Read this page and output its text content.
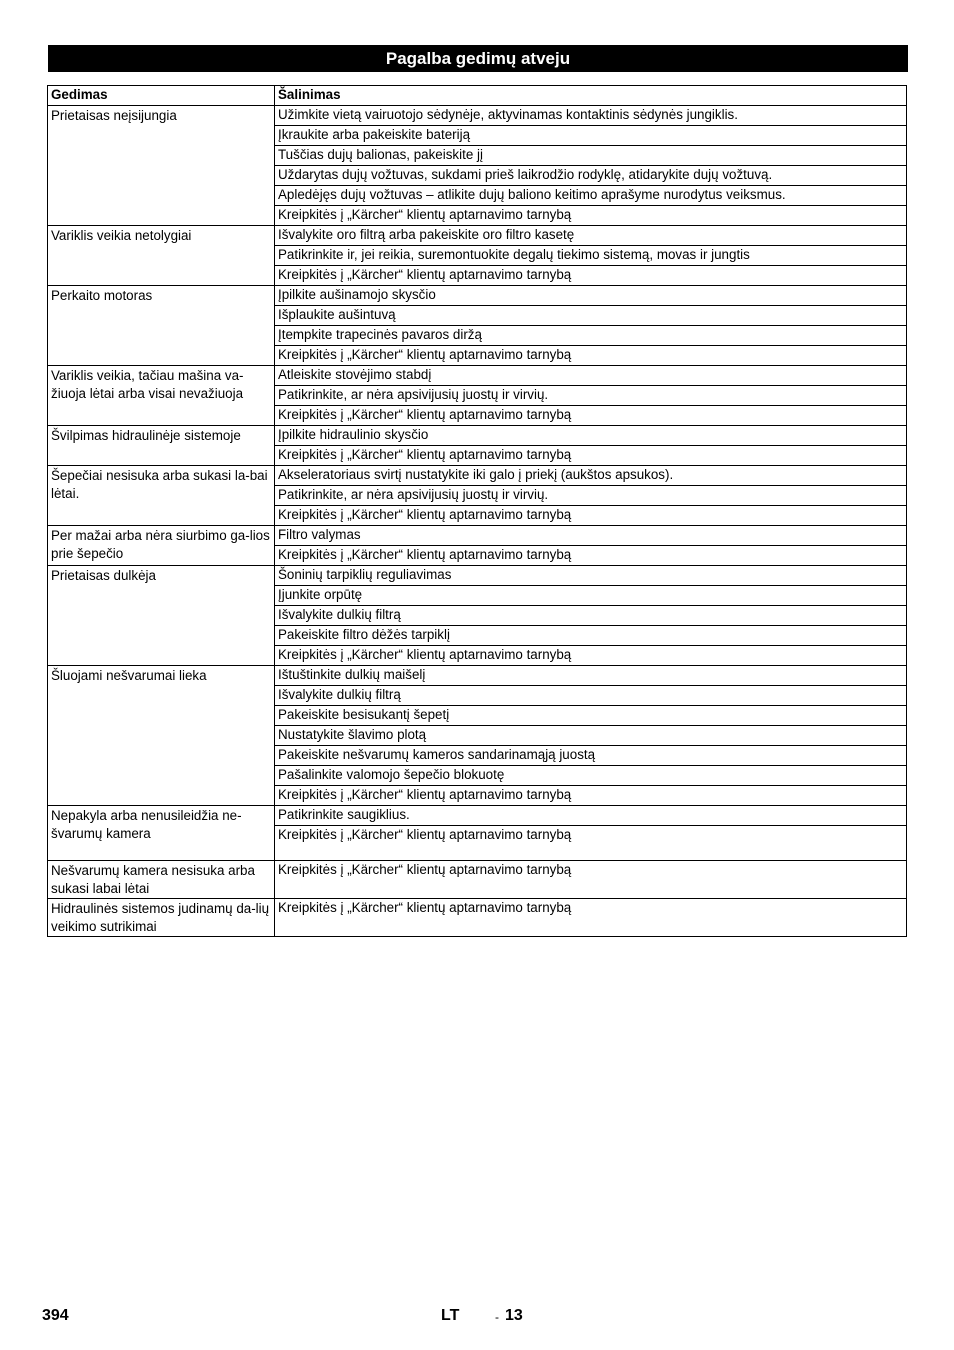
Pagalba gedimų atveju
Gedimas	Šalinimas
Prietaisas neįsijungia	Užimkite vietą vairuotojo sėdynėje, aktyvinamas kontaktinis sėdynės jungiklis.
	Įkraukite arba pakeiskite bateriją
	Tuščias dujų balionas, pakeiskite jį
	Uždarytas dujų vožtuvas, sukdami prieš laikrodžio rodyklę, atidarykite dujų vožtuvą.
	Apledėjęs dujų vožtuvas – atlikite dujų baliono keitimo aprašyme nurodytus veiksmus.
	Kreipkitės į „Kärcher“ klientų aptarnavimo tarnybą
Variklis veikia netolygiai	Išvalykite oro filtrą arba pakeiskite oro filtro kasetę
	Patikrinkite ir, jei reikia, suremontuokite degalų tiekimo sistemą, movas ir jungtis
	Kreipkitės į „Kärcher“ klientų aptarnavimo tarnybą
Perkaito motoras	Įpilkite aušinamojo skysčio
	Išplaukite aušintuvą
	Įtempkite trapecinės pavaros diržą
	Kreipkitės į „Kärcher“ klientų aptarnavimo tarnybą
Variklis veikia, tačiau mašina va-žiuoja lėtai arba visai nevažiuoja	Atleiskite stovėjimo stabdį
	Patikrinkite, ar nėra apsivijusių juostų ir virvių.
	Kreipkitės į „Kärcher“ klientų aptarnavimo tarnybą
Švilpimas hidraulinėje sistemoje	Įpilkite hidraulinio skysčio
	Kreipkitės į „Kärcher“ klientų aptarnavimo tarnybą
Šepečiai nesisuka arba sukasi la-bai lėtai.	Akseleratoriaus svirtį nustatykite iki galo į priekį (aukštos apsukos).
	Patikrinkite, ar nėra apsivijusių juostų ir virvių.
	Kreipkitės į „Kärcher“ klientų aptarnavimo tarnybą
Per mažai arba nėra siurbimo ga-lios prie šepečio	Filtro valymas
	Kreipkitės į „Kärcher“ klientų aptarnavimo tarnybą
Prietaisas dulkėja	Šoninių tarpiklių reguliavimas
	Įjunkite orpūtę
	Išvalykite dulkių filtrą
	Pakeiskite filtro dėžės tarpiklį
	Kreipkitės į „Kärcher“ klientų aptarnavimo tarnybą
Šluojami nešvarumai lieka	Ištuštinkite dulkių maišelį
	Išvalykite dulkių filtrą
	Pakeiskite besisukantį šepetį
	Nustatykite šlavimo plotą
	Pakeiskite nešvarumų kameros sandarinamąją juostą
	Pašalinkite valomojo šepečio blokuotę
	Kreipkitės į „Kärcher“ klientų aptarnavimo tarnybą
Nepakyla arba nenusileidžia ne-švarumų kamera	Patikrinkite saugiklius.
	Kreipkitės į „Kärcher“ klientų aptarnavimo tarnybą
Nešvarumų kamera nesisuka arba sukasi labai lėtai	Kreipkitės į „Kärcher“ klientų aptarnavimo tarnybą
Hidraulinės sistemos judinamų da-lių veikimo sutrikimai	Kreipkitės į „Kärcher“ klientų aptarnavimo tarnybą
394	LT	- 13
